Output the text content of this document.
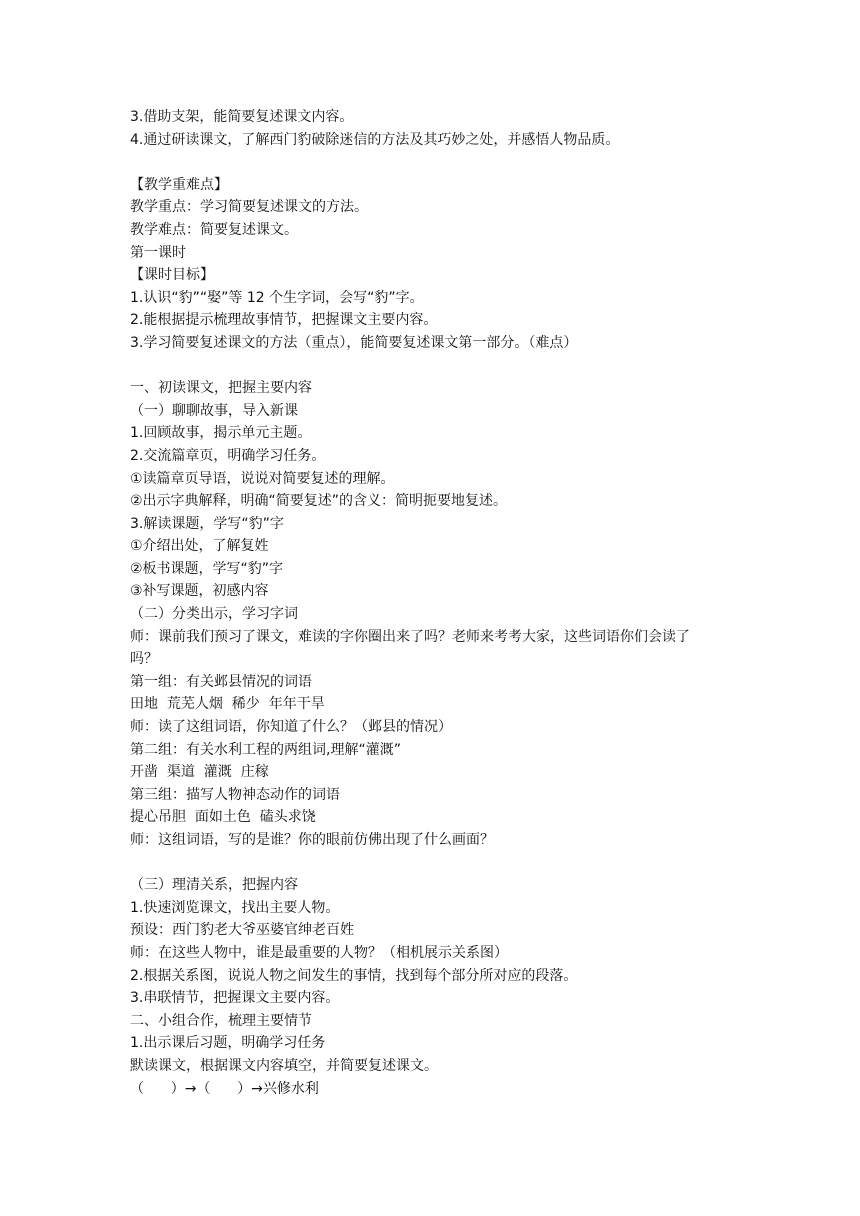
3.借助支架，能简要复述课文内容。
4.通过研读课文，了解西门豹破除迷信的方法及其巧妙之处，并感悟人物品质。
【教学重难点】
教学重点：学习简要复述课文的方法。
教学难点：简要复述课文。
第一课时
【课时目标】
1.认识“豹”“娶”等 12 个生字词，会写“豹”字。
2.能根据提示梳理故事情节，把握课文主要内容。
3.学习简要复述课文的方法（重点），能简要复述课文第一部分。（难点）
一、初读课文，把握主要内容
（一）聊聊故事，导入新课
1.回顾故事，揭示单元主题。
2.交流篇章页，明确学习任务。
①读篇章页导语，说说对简要复述的理解。
②出示字典解释，明确“简要复述”的含义：简明扼要地复述。
3.解读课题，学写“豹”字
①介绍出处，了解复姓
②板书课题，学写“豹”字
③补写课题，初感内容
（二）分类出示，学习字词
师：课前我们预习了课文，难读的字你圈出来了吗？老师来考考大家，这些词语你们会读了
吗？
第一组：有关邺县情况的词语
田地  荒芜人烟  稀少  年年干旱
师：读了这组词语，你知道了什么？（邺县的情况）
第二组：有关水利工程的两组词,理解“灌溉”
开凿  渠道  灌溉  庄稼
第三组：描写人物神态动作的词语
提心吊胆  面如土色  磕头求饶
师：这组词语，写的是谁？你的眼前仿佛出现了什么画面？
（三）理清关系，把握内容
1.快速浏览课文，找出主要人物。
预设：西门豹老大爷巫婆官绅老百姓
师：在这些人物中，谁是最重要的人物？（相机展示关系图）
2.根据关系图，说说人物之间发生的事情，找到每个部分所对应的段落。
3.串联情节，把握课文主要内容。
二、小组合作，梳理主要情节
1.出示课后习题，明确学习任务
默读课文，根据课文内容填空，并简要复述课文。
（      ）→（      ）→兴修水利
